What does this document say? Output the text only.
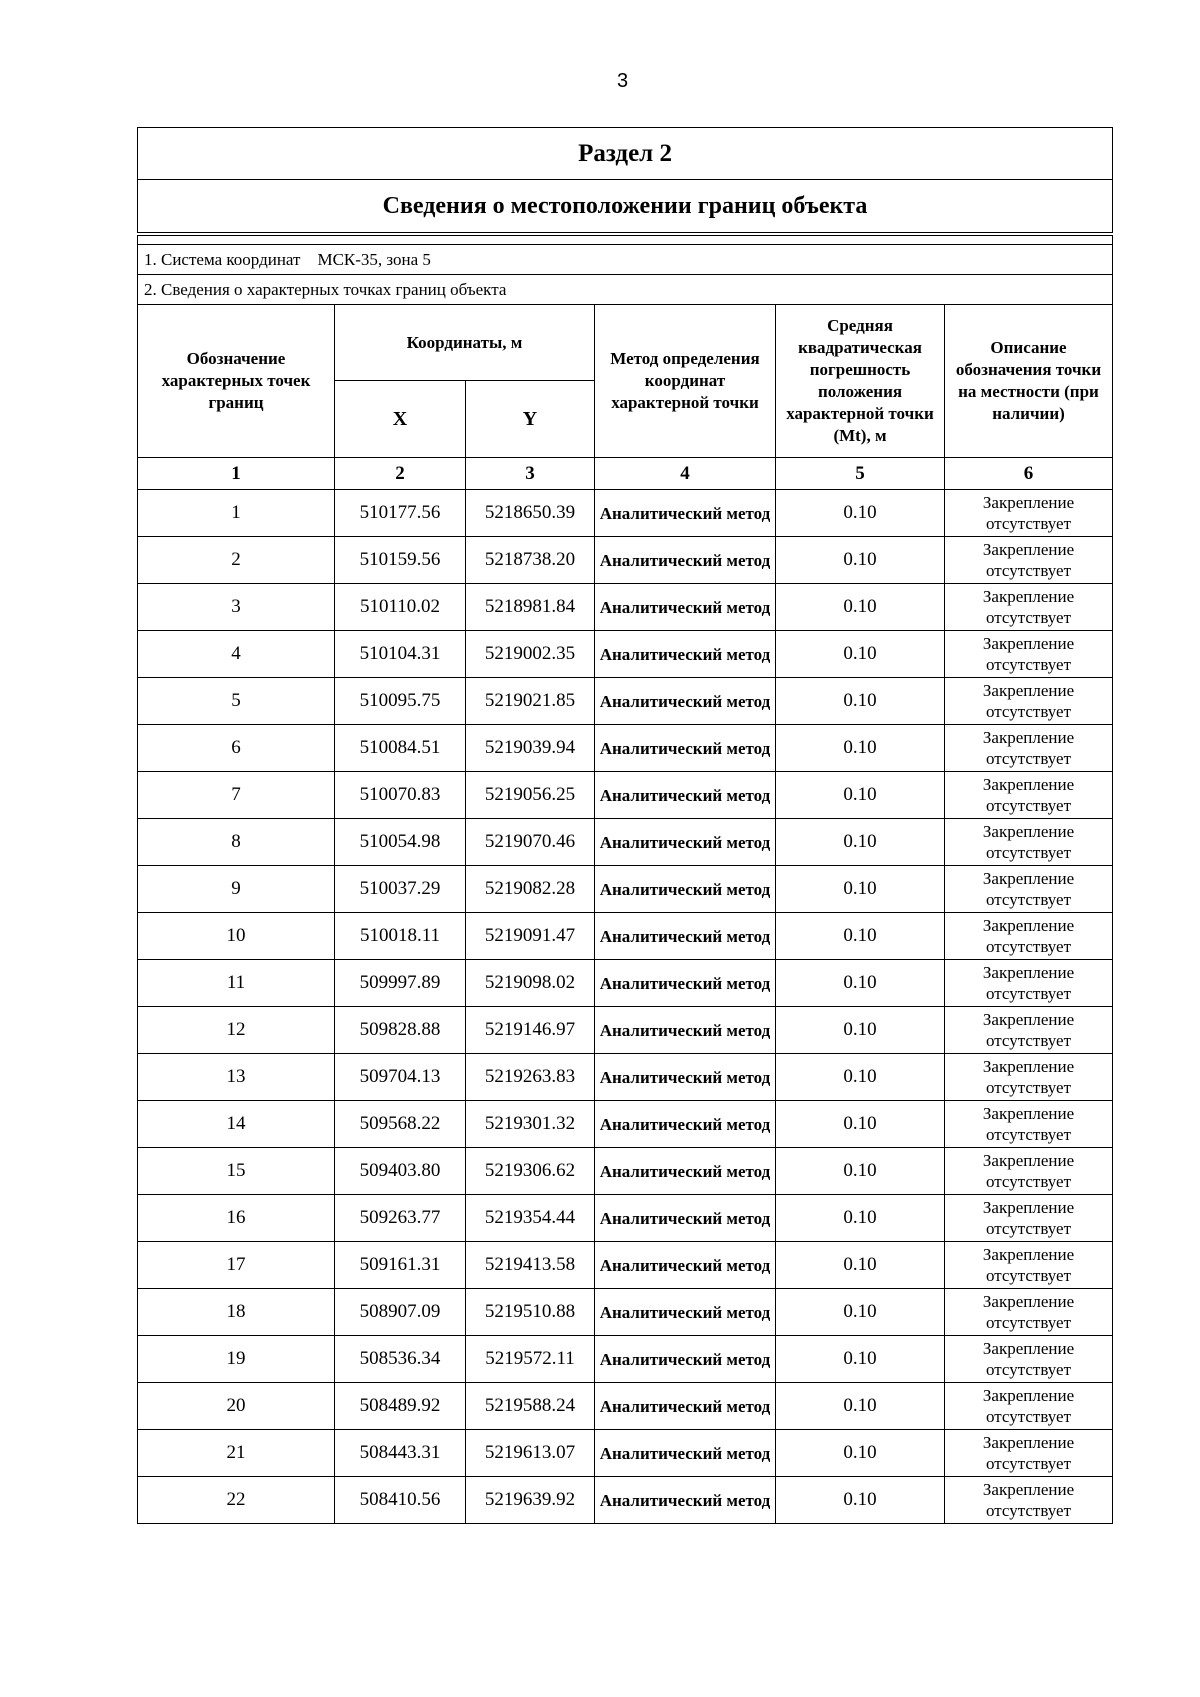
3
Раздел 2					
Сведения о местоположении границ объекта					

1. Система координат МСК-35, зона 5					
2. Сведения о характерных точках границ объекта					
Обозначение характерных точек границ	Координаты, м		Метод определения координат характерной точки	Средняя квадратическая погрешность положения характерной точки (Mt), м	Описание обозначения точки на местности (при наличии)
	X	Y			
1	2	3	4	5	6
1	510177.56	5218650.39	Аналитический метод	0.10	Закрепление отсутствует
2	510159.56	5218738.20	Аналитический метод	0.10	Закрепление отсутствует
3	510110.02	5218981.84	Аналитический метод	0.10	Закрепление отсутствует
4	510104.31	5219002.35	Аналитический метод	0.10	Закрепление отсутствует
5	510095.75	5219021.85	Аналитический метод	0.10	Закрепление отсутствует
6	510084.51	5219039.94	Аналитический метод	0.10	Закрепление отсутствует
7	510070.83	5219056.25	Аналитический метод	0.10	Закрепление отсутствует
8	510054.98	5219070.46	Аналитический метод	0.10	Закрепление отсутствует
9	510037.29	5219082.28	Аналитический метод	0.10	Закрепление отсутствует
10	510018.11	5219091.47	Аналитический метод	0.10	Закрепление отсутствует
11	509997.89	5219098.02	Аналитический метод	0.10	Закрепление отсутствует
12	509828.88	5219146.97	Аналитический метод	0.10	Закрепление отсутствует
13	509704.13	5219263.83	Аналитический метод	0.10	Закрепление отсутствует
14	509568.22	5219301.32	Аналитический метод	0.10	Закрепление отсутствует
15	509403.80	5219306.62	Аналитический метод	0.10	Закрепление отсутствует
16	509263.77	5219354.44	Аналитический метод	0.10	Закрепление отсутствует
17	509161.31	5219413.58	Аналитический метод	0.10	Закрепление отсутствует
18	508907.09	5219510.88	Аналитический метод	0.10	Закрепление отсутствует
19	508536.34	5219572.11	Аналитический метод	0.10	Закрепление отсутствует
20	508489.92	5219588.24	Аналитический метод	0.10	Закрепление отсутствует
21	508443.31	5219613.07	Аналитический метод	0.10	Закрепление отсутствует
22	508410.56	5219639.92	Аналитический метод	0.10	Закрепление отсутствует
